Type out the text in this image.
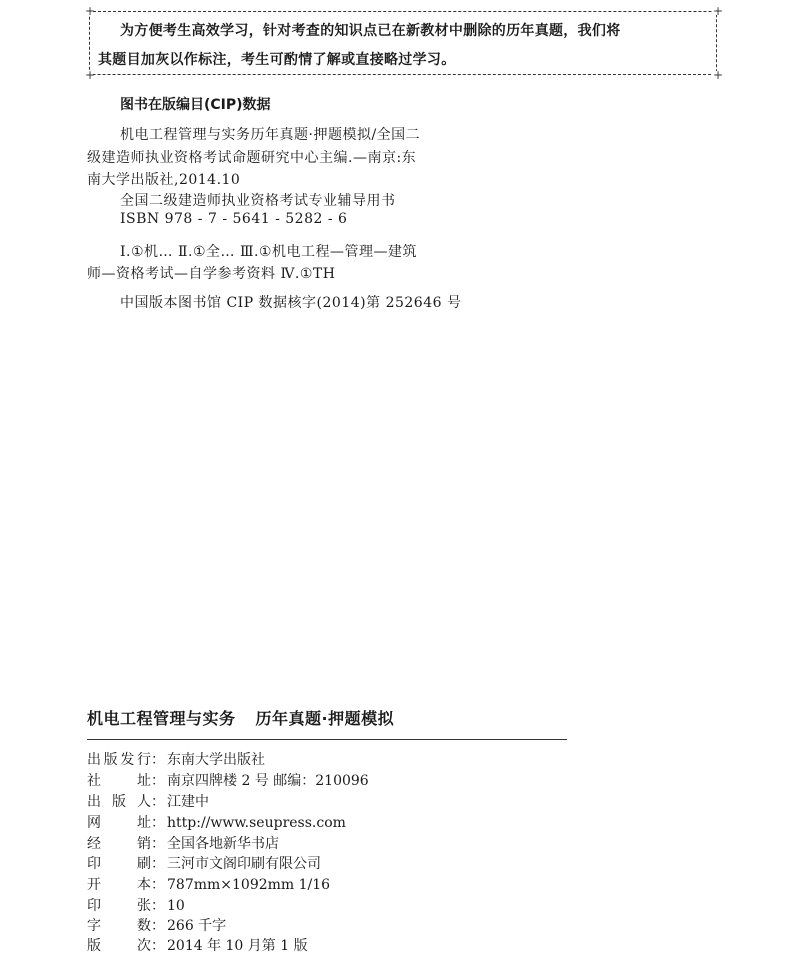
+	+
+	+
为方便考生高效学习，针对考查的知识点已在新教材中删除的历年真题，我们将
其题目加灰以作标注，考生可酌情了解或直接略过学习。
图书在版编目(CIP)数据
机电工程管理与实务历年真题·押题模拟/全国二
级建造师执业资格考试命题研究中心主编.—南京:东
南大学出版社,2014.10
全国二级建造师执业资格考试专业辅导用书
ISBN 978 - 7 - 5641 - 5282 - 6
Ⅰ.①机… Ⅱ.①全… Ⅲ.①机电工程—管理—建筑
师—资格考试—自学参考资料 Ⅳ.①TH
中国版本图书馆 CIP 数据核字(2014)第 252646 号
机电工程管理与实务 历年真题·押题模拟
出版发行： 东南大学出版社
社址： 南京四牌楼 2 号 邮编：210096
出版人： 江建中
网址： http://www.seupress.com
经销： 全国各地新华书店
印刷： 三河市文阁印刷有限公司
开本： 787mm×1092mm 1/16
印张： 10
字数： 266 千字
版次： 2014 年 10 月第 1 版
